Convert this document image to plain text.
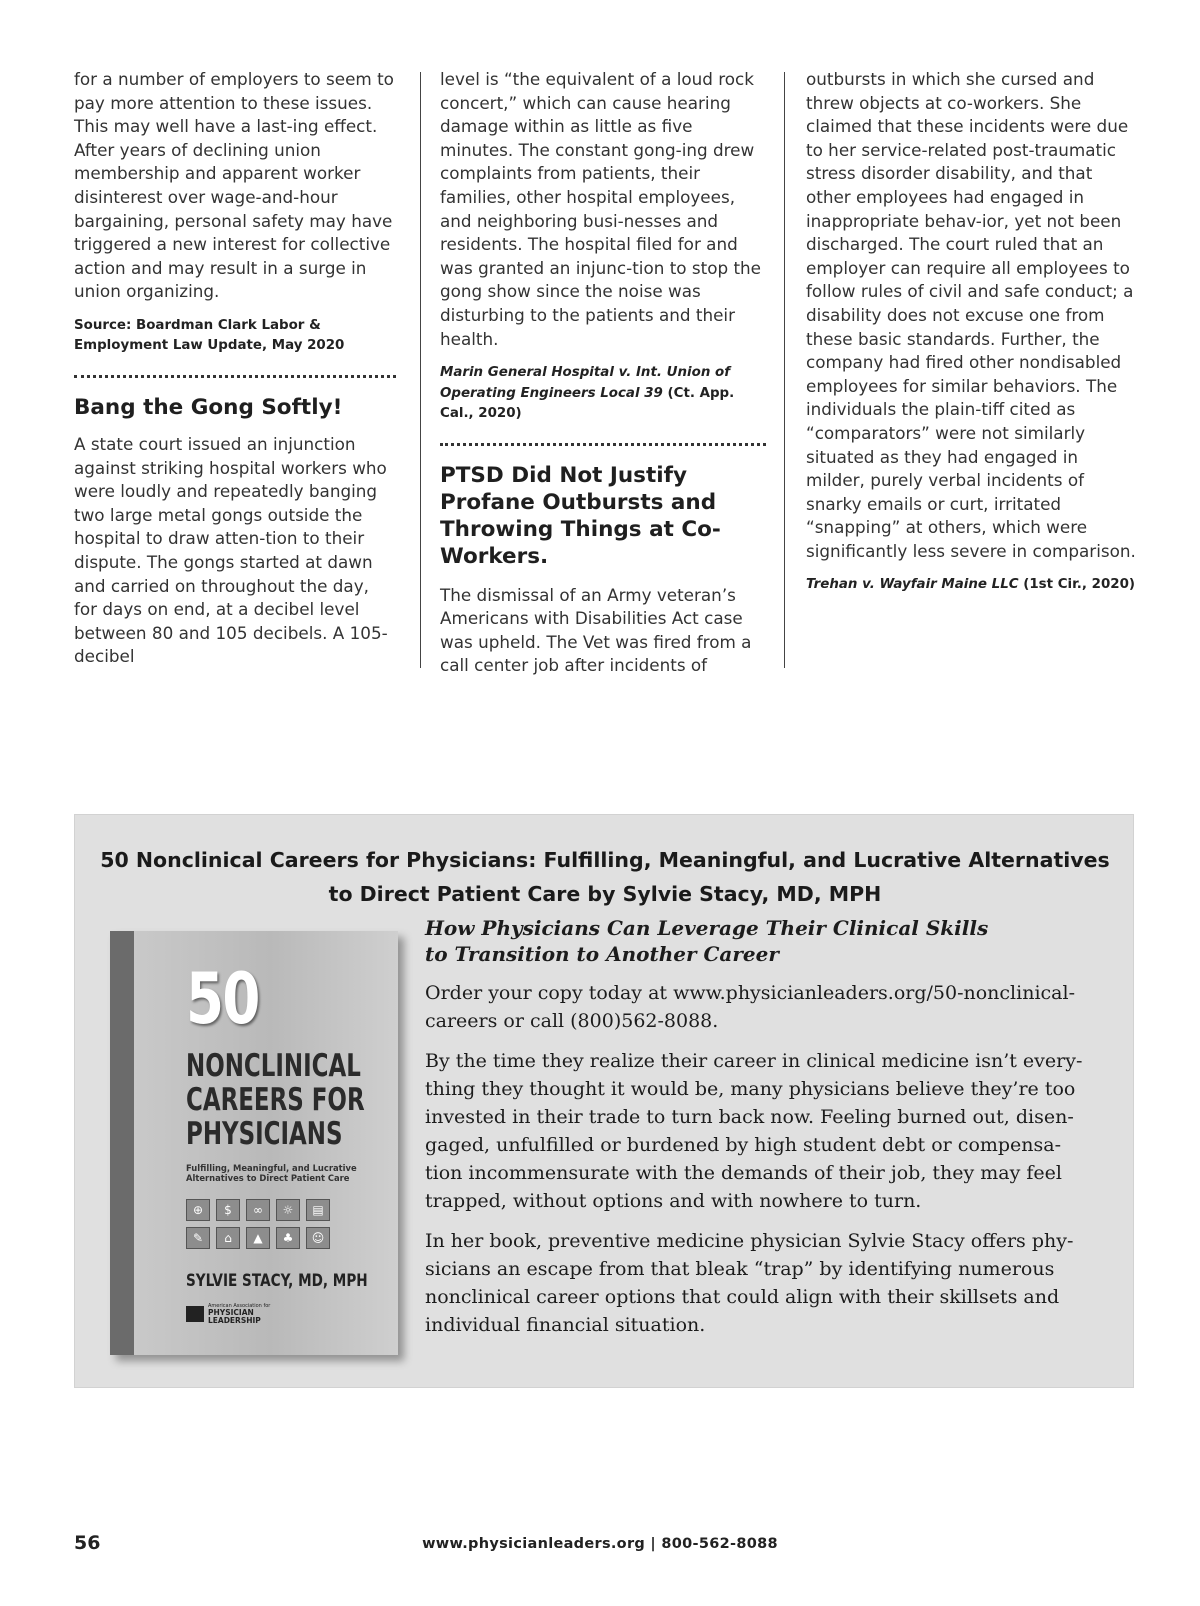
for a number of employers to seem to pay more attention to these issues. This may well have a last-ing effect. After years of declining union membership and apparent worker disinterest over wage-and-hour bargaining, personal safety may have triggered a new interest for collective action and may result in a surge in union organizing.

Source: Boardman Clark Labor & Employment Law Update, May 2020

Bang the Gong Softly!

A state court issued an injunction against striking hospital workers who were loudly and repeatedly banging two large metal gongs outside the hospital to draw atten-tion to their dispute. The gongs started at dawn and carried on throughout the day, for days on end, at a decibel level between 80 and 105 decibels. A 105-decibel

level is “the equivalent of a loud rock concert,” which can cause hearing damage within as little as five minutes. The constant gong-ing drew complaints from patients, their families, other hospital employees, and neighboring busi-nesses and residents. The hospital filed for and was granted an injunc-tion to stop the gong show since the noise was disturbing to the patients and their health.

Marin General Hospital v. Int. Union of Operating Engineers Local 39 (Ct. App. Cal., 2020)

PTSD Did Not Justify Profane Outbursts and Throwing Things at Co-Workers.

The dismissal of an Army veteran’s Americans with Disabilities Act case was upheld. The Vet was fired from a call center job after incidents of

outbursts in which she cursed and threw objects at co-workers. She claimed that these incidents were due to her service-related post-traumatic stress disorder disability, and that other employees had engaged in inappropriate behav-ior, yet not been discharged. The court ruled that an employer can require all employees to follow rules of civil and safe conduct; a disability does not excuse one from these basic standards. Further, the company had fired other nondisabled employees for similar behaviors. The individuals the plain-tiff cited as “comparators” were not similarly situated as they had engaged in milder, purely verbal incidents of snarky emails or curt, irritated “snapping” at others, which were significantly less severe in comparison.

Trehan v. Wayfair Maine LLC (1st Cir., 2020)

50 Nonclinical Careers for Physicians: Fulfilling, Meaningful, and Lucrative Alternatives
to Direct Patient Care by Sylvie Stacy, MD, MPH
50
NONCLINICAL
CAREERS FOR
PHYSICIANS
Fulfilling, Meaningful, and Lucrative Alternatives to Direct Patient Care
⊕	$	∞	☼	▤
✎	⌂	▲	♣	☺
SYLVIE STACY, MD, MPH
American Association for
PHYSICIAN
LEADERSHIP
How Physicians Can Leverage Their Clinical Skills
to Transition to Another Career

Order your copy today at www.physicianleaders.org/50-nonclinical-careers or call (800)562-8088.

By the time they realize their career in clinical medicine isn’t every-thing they thought it would be, many physicians believe they’re too invested in their trade to turn back now. Feeling burned out, disen-gaged, unfulfilled or burdened by high student debt or compensa-tion incommensurate with the demands of their job, they may feel trapped, without options and with nowhere to turn.

In her book, preventive medicine physician Sylvie Stacy offers phy-sicians an escape from that bleak “trap” by identifying numerous nonclinical career options that could align with their skillsets and individual financial situation.

56	www.physicianleaders.org | 800-562-8088
